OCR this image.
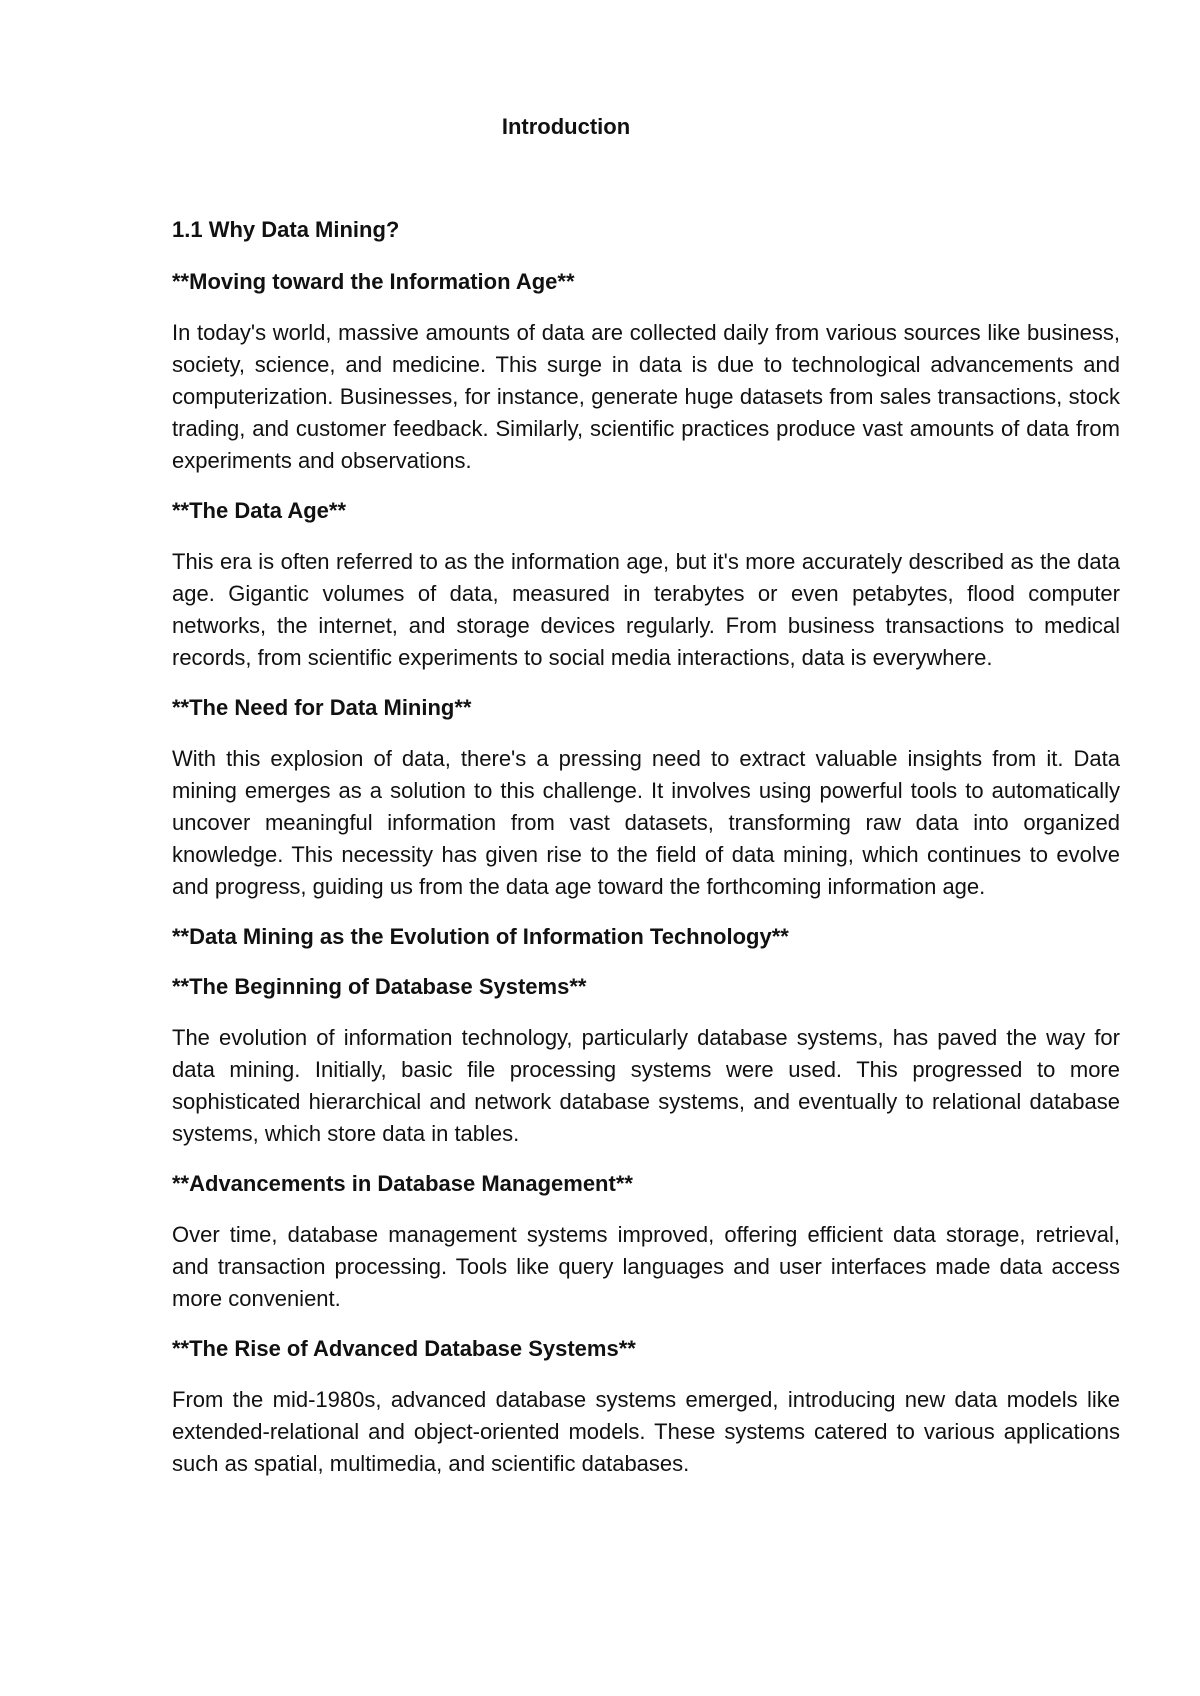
Introduction
1.1 Why Data Mining?
**Moving toward the Information Age**
In today's world, massive amounts of data are collected daily from various sources like business, society, science, and medicine. This surge in data is due to technological advancements and computerization. Businesses, for instance, generate huge datasets from sales transactions, stock trading, and customer feedback. Similarly, scientific practices produce vast amounts of data from experiments and observations.
**The Data Age**
This era is often referred to as the information age, but it's more accurately described as the data age. Gigantic volumes of data, measured in terabytes or even petabytes, flood computer networks, the internet, and storage devices regularly. From business transactions to medical records, from scientific experiments to social media interactions, data is everywhere.
**The Need for Data Mining**
With this explosion of data, there's a pressing need to extract valuable insights from it. Data mining emerges as a solution to this challenge. It involves using powerful tools to automatically uncover meaningful information from vast datasets, transforming raw data into organized knowledge. This necessity has given rise to the field of data mining, which continues to evolve and progress, guiding us from the data age toward the forthcoming information age.
**Data Mining as the Evolution of Information Technology**
**The Beginning of Database Systems**
The evolution of information technology, particularly database systems, has paved the way for data mining. Initially, basic file processing systems were used. This progressed to more sophisticated hierarchical and network database systems, and eventually to relational database systems, which store data in tables.
**Advancements in Database Management**
Over time, database management systems improved, offering efficient data storage, retrieval, and transaction processing. Tools like query languages and user interfaces made data access more convenient.
**The Rise of Advanced Database Systems**
From the mid-1980s, advanced database systems emerged, introducing new data models like extended-relational and object-oriented models. These systems catered to various applications such as spatial, multimedia, and scientific databases.
